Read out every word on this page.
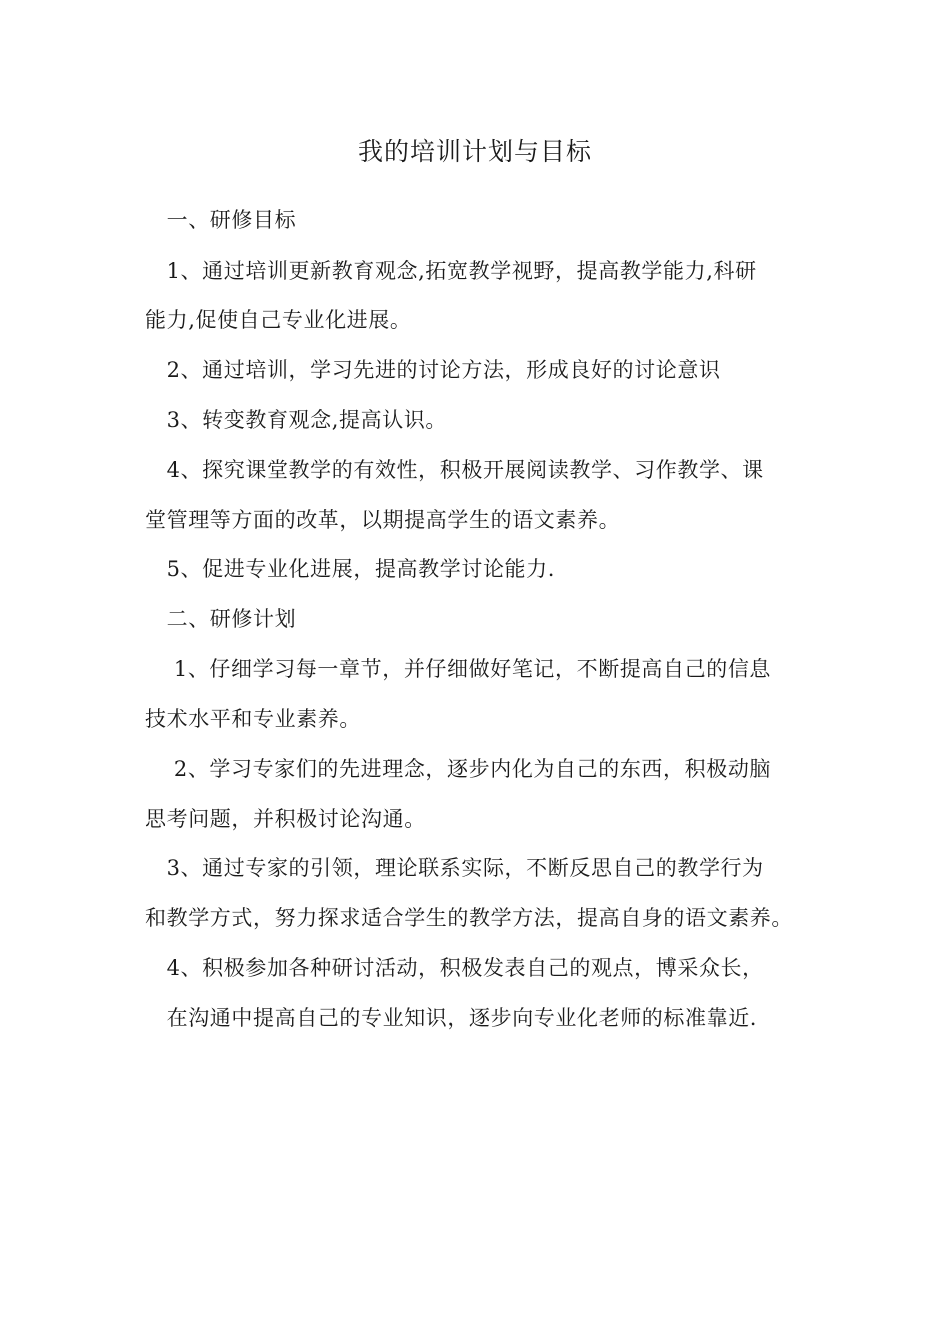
我的培训计划与目标
　一、研修目标
　1、通过培训更新教育观念,拓宽教学视野，提高教学能力,科研
能力,促使自己专业化进展。
　2、通过培训，学习先进的讨论方法，形成良好的讨论意识
　3、转变教育观念,提高认识。
　4、探究课堂教学的有效性，积极开展阅读教学、习作教学、课
堂管理等方面的改革，以期提高学生的语文素养。
　5、促进专业化进展，提高教学讨论能力.
　二、研修计划
　 1、仔细学习每一章节，并仔细做好笔记，不断提高自己的信息
技术水平和专业素养。
　 2、学习专家们的先进理念，逐步内化为自己的东西，积极动脑
思考问题，并积极讨论沟通。
　3、通过专家的引领，理论联系实际，不断反思自己的教学行为
和教学方式，努力探求适合学生的教学方法，提高自身的语文素养。
　4、积极参加各种研讨活动，积极发表自己的观点，博采众长，
　在沟通中提高自己的专业知识，逐步向专业化老师的标准靠近.
